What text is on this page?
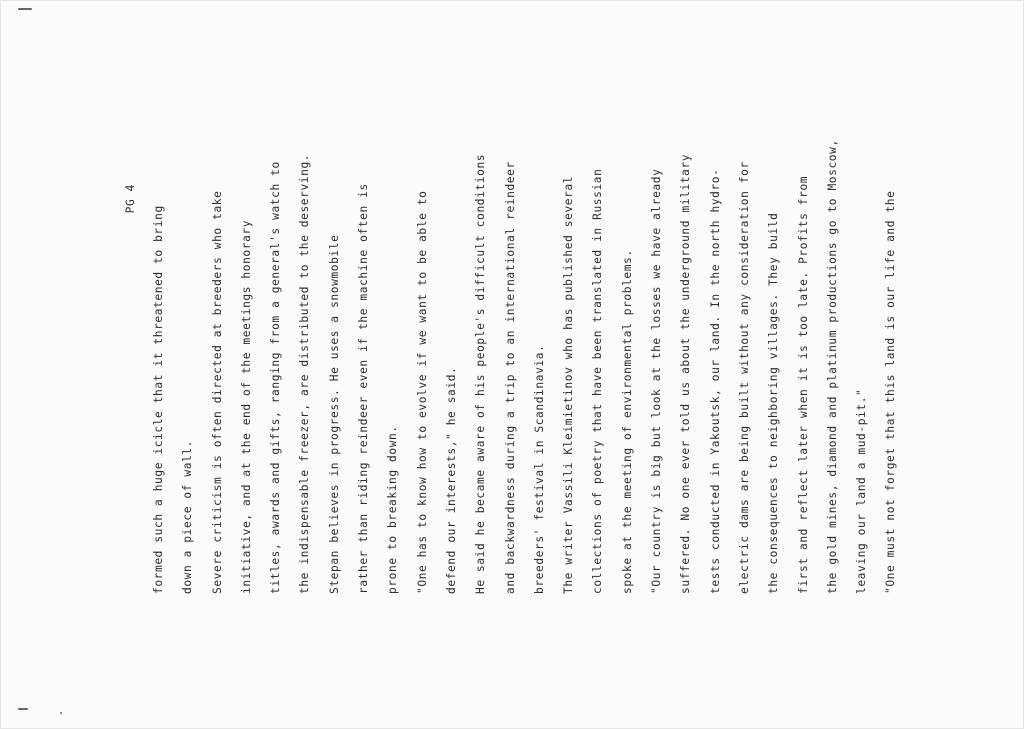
PG 4
formed such a huge icicle that it threatened to bring	down a piece of wall.	Severe criticism is often directed at breeders who take	initiative, and at the end of the meetings honorary	titles, awards and gifts, ranging from a general's watch to	the indispensable freezer, are distributed to the deserving.	Stepan believes in progress. He uses a snowmobile	rather than riding reindeer even if the machine often is	prone to breaking down.	"One has to know how to evolve if we want to be able to	defend our interests," he said.	He said he became aware of his people's difficult conditions	and backwardness during a trip to an international reindeer	breeders' festival in Scandinavia.	The writer Vassili Kleimietinov who has published several	collections of poetry that have been translated in Russian	spoke at the meeting of environmental problems.	"Our country is big but look at the losses we have already	suffered. No one ever told us about the underground military	tests conducted in Yakoutsk, our land. In the north hydro-	electric dams are being built without any consideration for	the consequences to neighboring villages. They build	first and reflect later when it is too late. Profits from	the gold mines, diamond and platinum productions go to Moscow,	leaving our land a mud-pit."	"One must not forget that this land is our life and the
